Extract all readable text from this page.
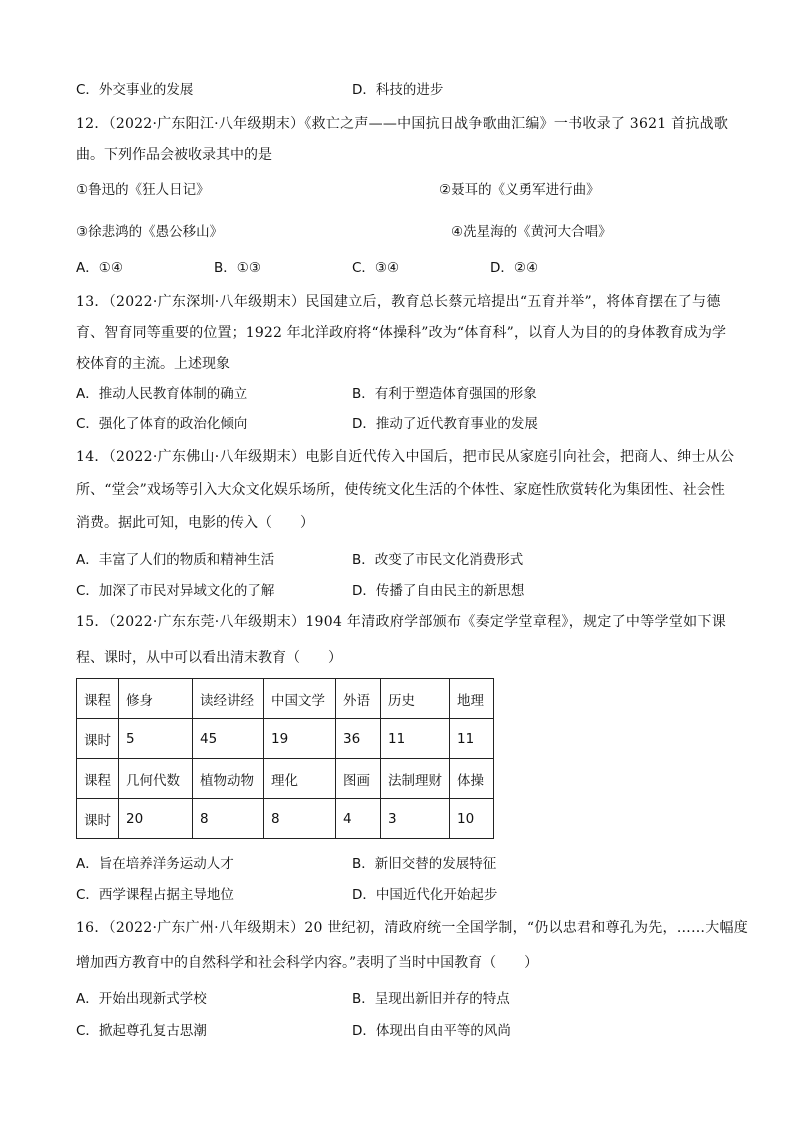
C．外交事业的发展	D．科技的进步
12．（2022·广东阳江·八年级期末）《救亡之声——中国抗日战争歌曲汇编》一书收录了 3621 首抗战歌
曲。下列作品会被收录其中的是
①鲁迅的《狂人日记》	②聂耳的《义勇军进行曲》
③徐悲鸿的《愚公移山》	④冼星海的《黄河大合唱》
A．①④	B．①③	C．③④	D．②④
13．（2022·广东深圳·八年级期末）民国建立后，教育总长蔡元培提出“五育并举”，将体育摆在了与德
育、智育同等重要的位置；1922 年北洋政府将“体操科”改为“体育科”，以育人为目的的身体教育成为学
校体育的主流。上述现象
A．推动人民教育体制的确立	B．有利于塑造体育强国的形象
C．强化了体育的政治化倾向	D．推动了近代教育事业的发展
14．（2022·广东佛山·八年级期末）电影自近代传入中国后，把市民从家庭引向社会，把商人、绅士从公
所、“堂会”戏场等引入大众文化娱乐场所，使传统文化生活的个体性、家庭性欣赏转化为集团性、社会性
消费。据此可知，电影的传入（　　）
A．丰富了人们的物质和精神生活	B．改变了市民文化消费形式
C．加深了市民对异域文化的了解	D．传播了自由民主的新思想
15．（2022·广东东莞·八年级期末）1904 年清政府学部颁布《奏定学堂章程》，规定了中等学堂如下课
程、课时，从中可以看出清末教育（　　）
课程	修身	读经讲经	中国文学	外语	历史	地理
课时	5	45	19	36	11	11
课程	几何代数	植物动物	理化	图画	法制理财	体操
课时	20	8	8	4	3	10
A．旨在培养洋务运动人才	B．新旧交替的发展特征
C．西学课程占据主导地位	D．中国近代化开始起步
16．（2022·广东广州·八年级期末）20 世纪初，清政府统一全国学制，“仍以忠君和尊孔为先，……大幅度
增加西方教育中的自然科学和社会科学内容。”表明了当时中国教育（　　）
A．开始出现新式学校	B．呈现出新旧并存的特点
C．掀起尊孔复古思潮	D．体现出自由平等的风尚
